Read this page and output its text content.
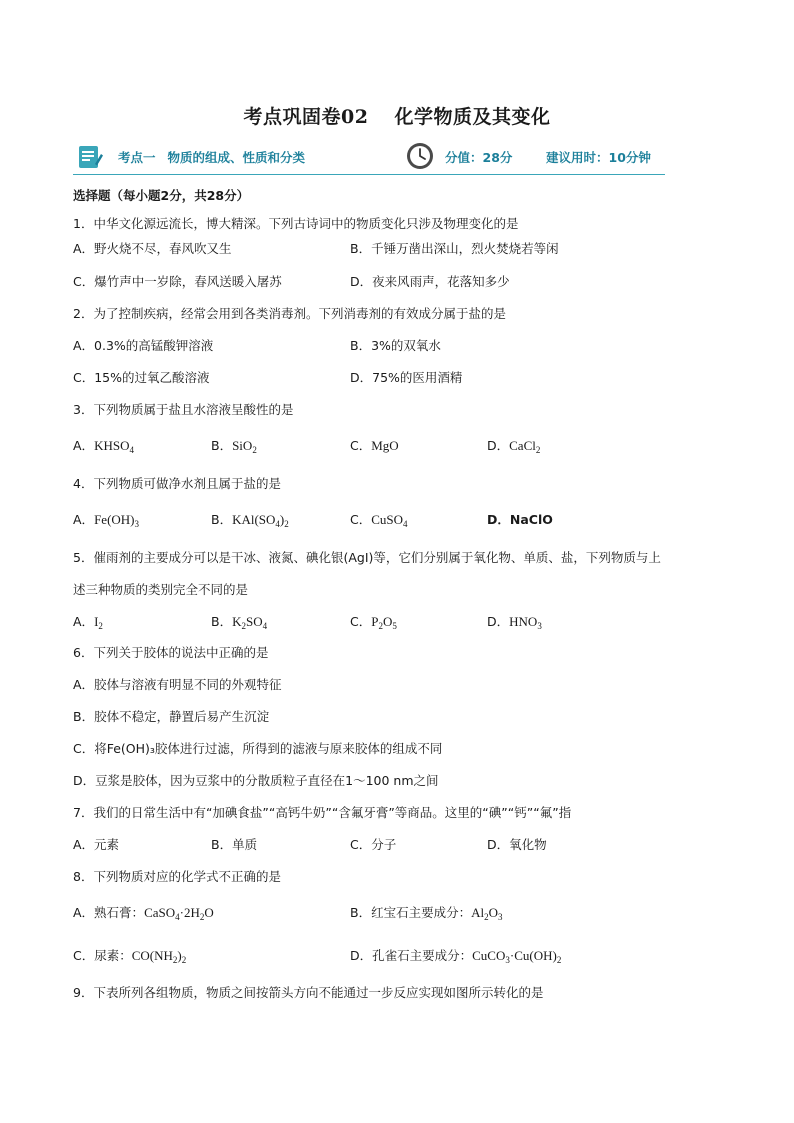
考点巩固卷02 化学物质及其变化
考点一 物质的组成、性质和分类	分值：28分	建议用时：10分钟
选择题（每小题2分，共28分）
1．中华文化源远流长，博大精深。下列古诗词中的物质变化只涉及物理变化的是
A．野火烧不尽，春风吹又生	B．千锤万凿出深山，烈火焚烧若等闲
C．爆竹声中一岁除，春风送暖入屠苏	D．夜来风雨声，花落知多少
2．为了控制疾病，经常会用到各类消毒剂。下列消毒剂的有效成分属于盐的是
A．0.3%的高锰酸钾溶液	B．3%的双氧水
C．15%的过氧乙酸溶液	D．75%的医用酒精
3．下列物质属于盐且水溶液呈酸性的是
A．$KHSO_4$	B．SiO$_2$	C．MgO	D．CaCl$_2$
4．下列物质可做净水剂且属于盐的是
A．$Fe(OH)_3$	B．$KAl(SO_4)_2$	C．CuSO$_4$	D．NaClO
5．催雨剂的主要成分可以是干冰、液氮、碘化银(AgI)等，它们分别属于氧化物、单质、盐，下列物质与上
述三种物质的类别完全不同的是
A．$I_2$	B．$K_2SO_4$	C．$P_2O_5$	D．$HNO_3$
6．下列关于胶体的说法中正确的是
A．胶体与溶液有明显不同的外观特征
B．胶体不稳定，静置后易产生沉淀
C．将Fe(OH)₃胶体进行过滤，所得到的滤液与原来胶体的组成不同
D．豆浆是胶体，因为豆浆中的分散质粒子直径在1～100 nm之间
7．我们的日常生活中有“加碘食盐”“高钙牛奶”“含氟牙膏”等商品。这里的“碘”“钙”“氟”指
A．元素	B．单质	C．分子	D．氧化物
8．下列物质对应的化学式不正确的是
A．熟石膏：$CaSO_4\cdot 2H_2O$	B．红宝石主要成分：$Al_2O_3$
C．尿素：$CO(NH_2)_2$	D．孔雀石主要成分：$CuCO_3\cdot Cu(OH)_2$
9．下表所列各组物质，物质之间按箭头方向不能通过一步反应实现如图所示转化的是
